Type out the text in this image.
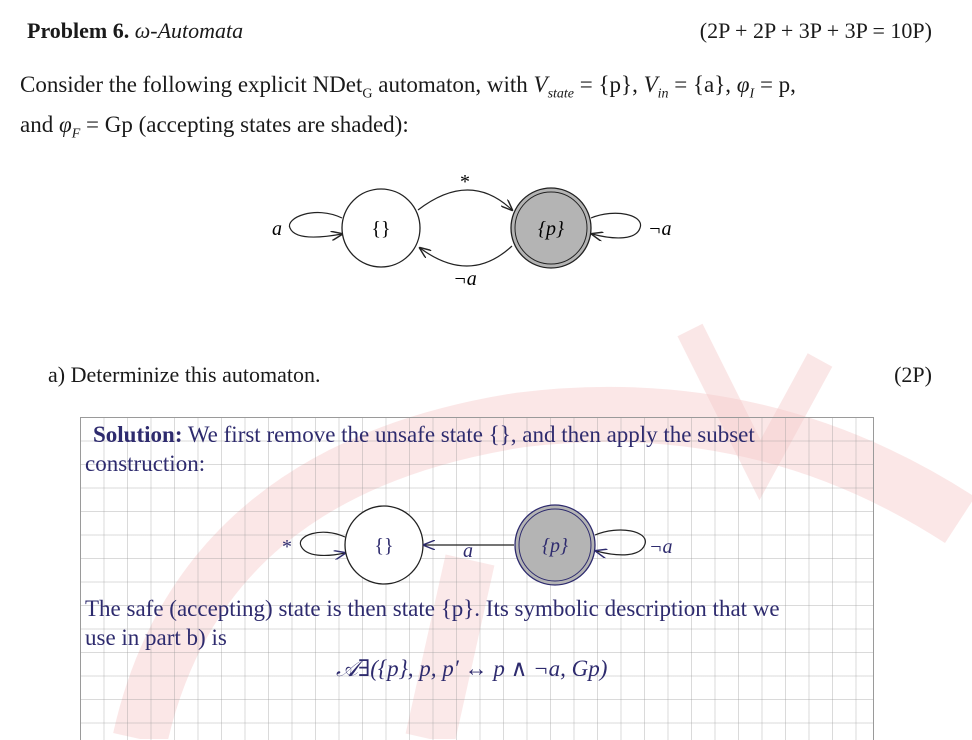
Problem 6. ω-Automata	(2P + 2P + 3P + 3P = 10P)
Consider the following explicit NDet$_G$ automaton, with $V_{state} = \{p\}$, $V_{in} = \{a\}$, $\varphi_I = p$,
and $\varphi_F = Gp$ (accepting states are shaded):
a	{}
*
¬a
{p}	¬a
a) Determinize this automaton.	(2P)
Solution: We first remove the unsafe state {}, and then apply the subset
construction:
*	{}	a	{p}	¬a
The safe (accepting) state is then state {p}. Its symbolic description that we
use in part b) is
𝒜∃({p}, p, p′ ↔ p ∧ ¬a, Gp)
